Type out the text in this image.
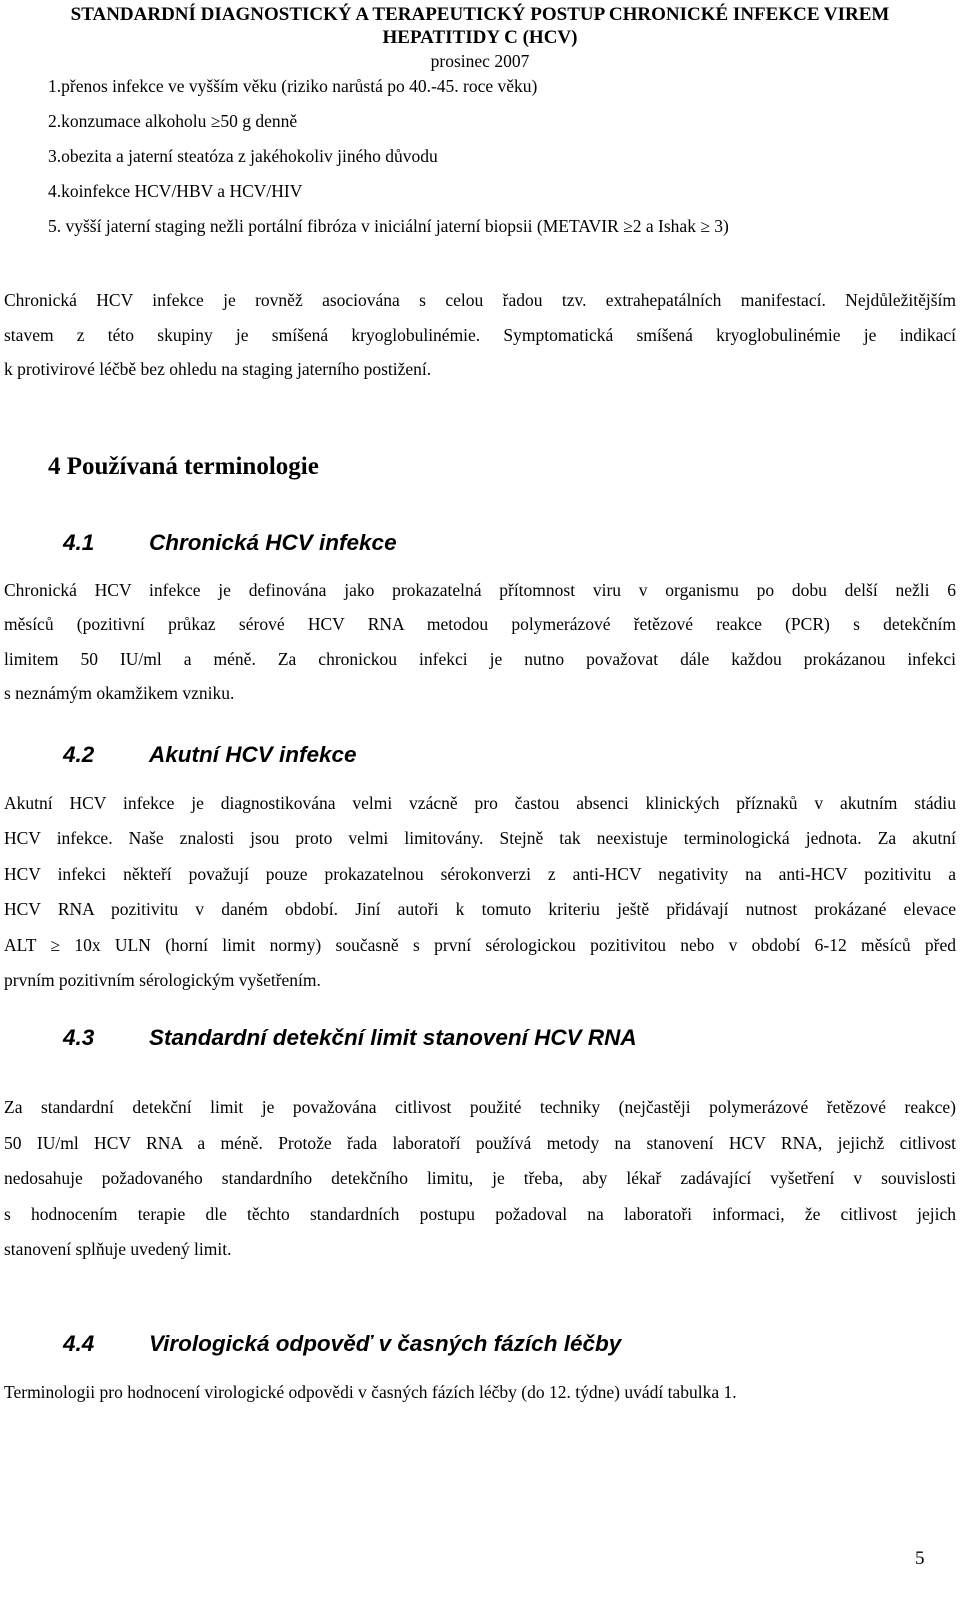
STANDARDNÍ DIAGNOSTICKÝ A TERAPEUTICKÝ POSTUP CHRONICKÉ INFEKCE VIREM
HEPATITIDY C (HCV)
prosinec 2007
1.přenos infekce ve vyšším věku (riziko narůstá po 40.-45. roce věku)
2.konzumace alkoholu ≥50 g denně
3.obezita a jaterní steatóza z jakéhokoliv jiného důvodu
4.koinfekce HCV/HBV a HCV/HIV
5. vyšší jaterní staging nežli portální fibróza v iniciální jaterní biopsii (METAVIR ≥2 a Ishak ≥ 3)
Chronická HCV infekce je rovněž asociována s celou řadou tzv. extrahepatálních manifestací. Nejdůležitějším
stavem z této skupiny je smíšená kryoglobulinémie. Symptomatická smíšená kryoglobulinémie je indikací
k protivirové léčbě bez ohledu na staging jaterního postižení.
4 Používaná terminologie
4.1 Chronická HCV infekce
Chronická HCV infekce je definována jako prokazatelná přítomnost viru v organismu po dobu delší nežli 6
měsíců (pozitivní průkaz sérové HCV RNA metodou polymerázové řetězové reakce (PCR) s detekčním
limitem 50 IU/ml a méně. Za chronickou infekci je nutno považovat dále každou prokázanou infekci
s neznámým okamžikem vzniku.
4.2 Akutní HCV infekce
Akutní HCV infekce je diagnostikována velmi vzácně pro častou absenci klinických příznaků v akutním stádiu
HCV infekce. Naše znalosti jsou proto velmi limitovány. Stejně tak neexistuje terminologická jednota. Za akutní
HCV infekci někteří považují pouze prokazatelnou sérokonverzi z anti-HCV negativity na anti-HCV pozitivitu a
HCV RNA pozitivitu v daném období. Jiní autoři k tomuto kriteriu ještě přidávají nutnost prokázané elevace
ALT ≥ 10x ULN (horní limit normy) současně s první sérologickou pozitivitou nebo v období 6-12 měsíců před
prvním pozitivním sérologickým vyšetřením.
4.3 Standardní detekční limit stanovení HCV RNA
Za standardní detekční limit je považována citlivost použité techniky (nejčastěji polymerázové řetězové reakce)
50 IU/ml HCV RNA a méně. Protože řada laboratoří používá metody na stanovení HCV RNA, jejichž citlivost
nedosahuje požadovaného standardního detekčního limitu, je třeba, aby lékař zadávající vyšetření v souvislosti
s hodnocením terapie dle těchto standardních postupu požadoval na laboratoři informaci, že citlivost jejich
stanovení splňuje uvedený limit.
4.4 Virologická odpověď v časných fázích léčby
Terminologii pro hodnocení virologické odpovědi v časných fázích léčby (do 12. týdne) uvádí tabulka 1.
5
